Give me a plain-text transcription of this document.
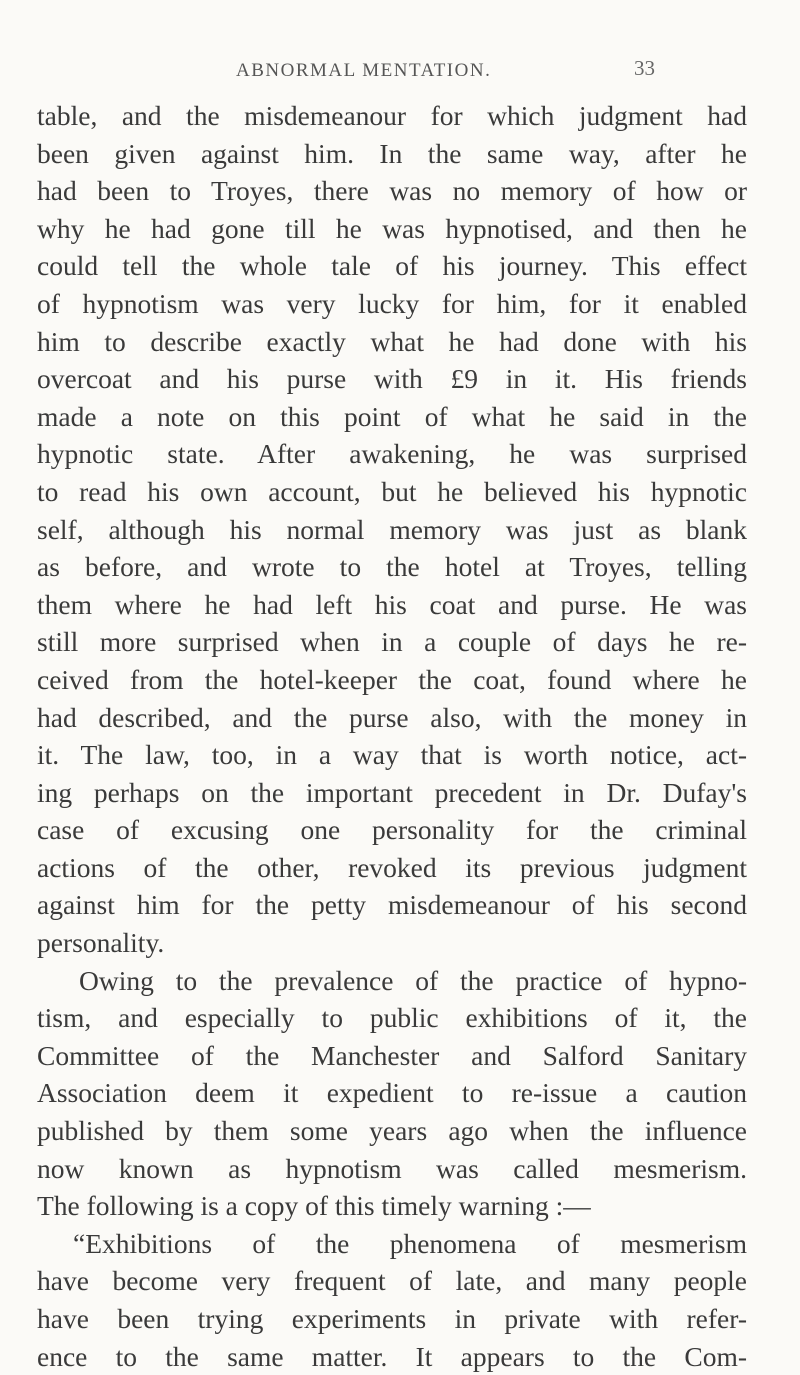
ABNORMAL MENTATION.	33
table, and the misdemeanour for which judgment had
been given against him. In the same way, after he
had been to Troyes, there was no memory of how or
why he had gone till he was hypnotised, and then he
could tell the whole tale of his journey. This effect
of hypnotism was very lucky for him, for it enabled
him to describe exactly what he had done with his
overcoat and his purse with £9 in it. His friends
made a note on this point of what he said in the
hypnotic state. After awakening, he was surprised
to read his own account, but he believed his hypnotic
self, although his normal memory was just as blank
as before, and wrote to the hotel at Troyes, telling
them where he had left his coat and purse. He was
still more surprised when in a couple of days he re-
ceived from the hotel-keeper the coat, found where he
had described, and the purse also, with the money in
it. The law, too, in a way that is worth notice, act-
ing perhaps on the important precedent in Dr. Dufay's
case of excusing one personality for the criminal
actions of the other, revoked its previous judgment
against him for the petty misdemeanour of his second
personality.
Owing to the prevalence of the practice of hypno-
tism, and especially to public exhibitions of it, the
Committee of the Manchester and Salford Sanitary
Association deem it expedient to re-issue a caution
published by them some years ago when the influence
now known as hypnotism was called mesmerism.
The following is a copy of this timely warning :—
“Exhibitions of the phenomena of mesmerism
have become very frequent of late, and many people
have been trying experiments in private with refer-
ence to the same matter. It appears to the Com-
